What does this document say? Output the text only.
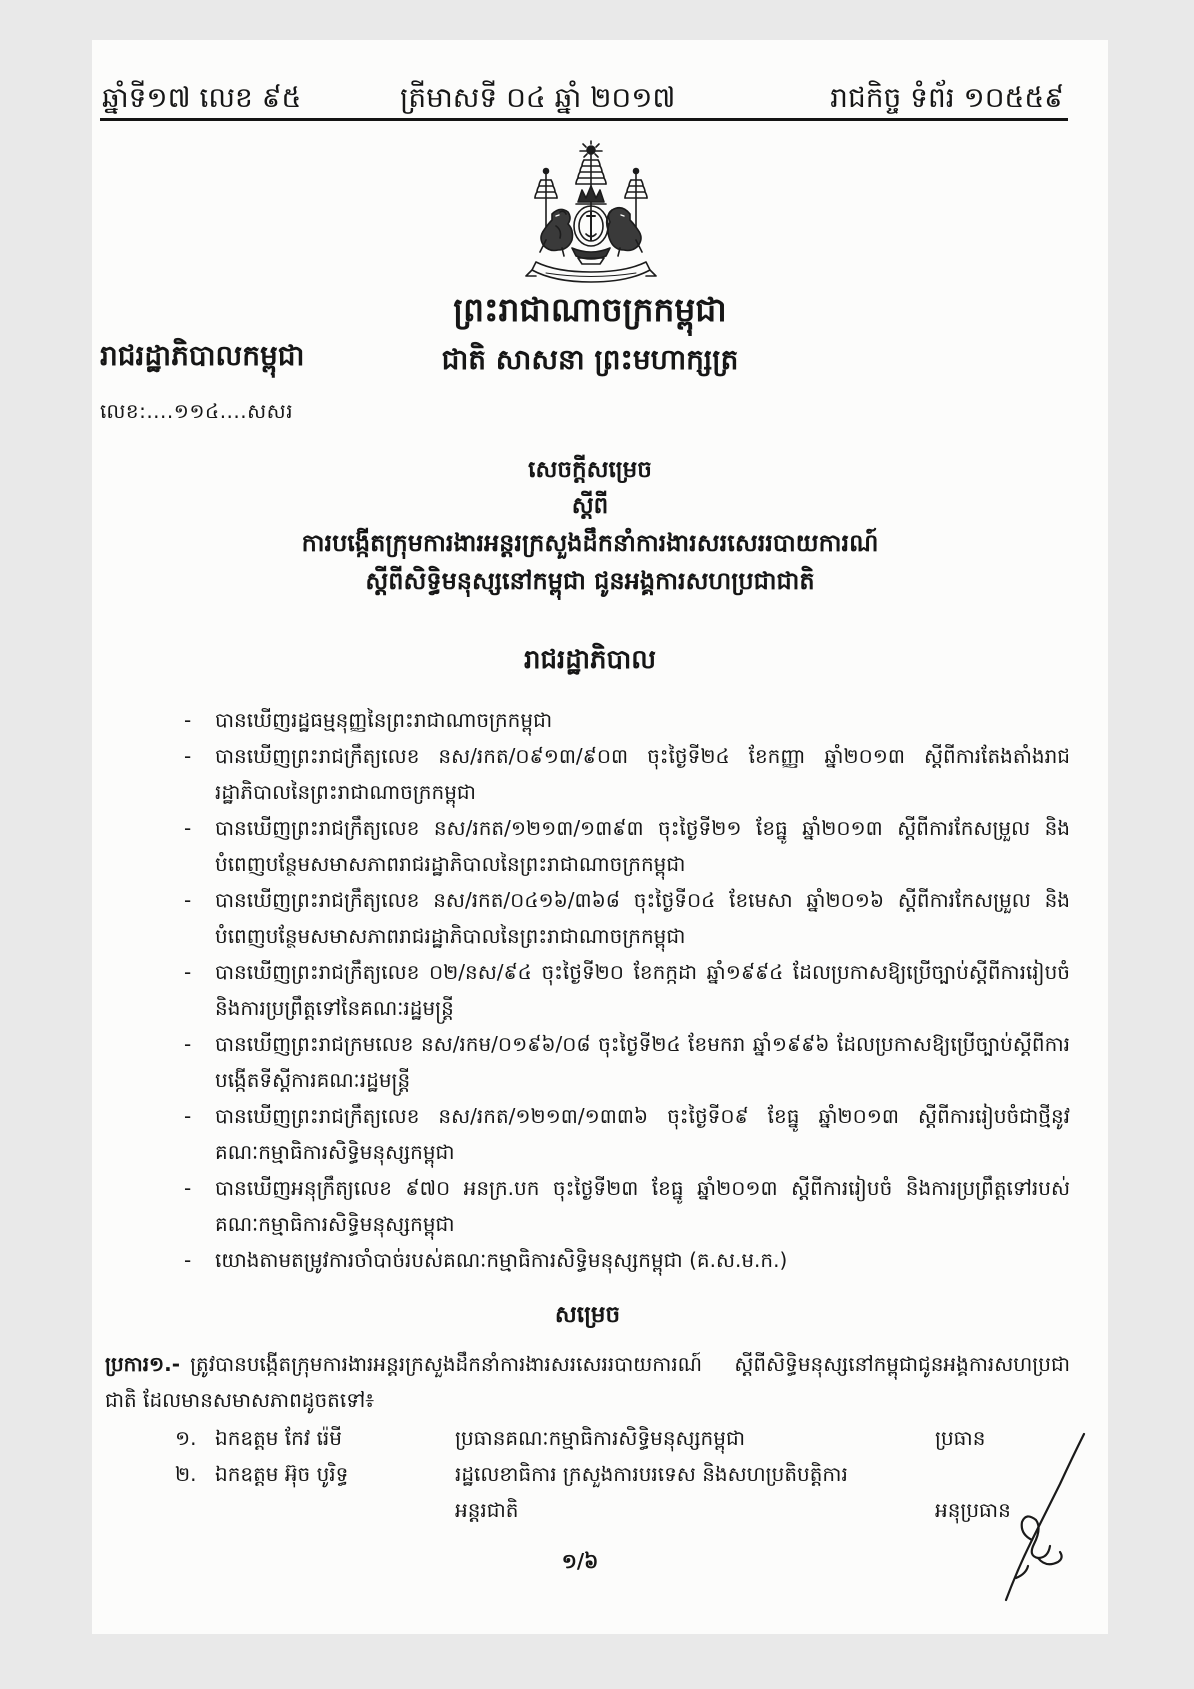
ឆ្នាំទី១៧ លេខ ៩៥	ត្រីមាសទី ០៤ ឆ្នាំ ២០១៧	រាជកិច្ច ទំព័រ ១០៥៥៩
ព្រះរាជាណាចក្រកម្ពុជា
រាជរដ្ឋាភិបាលកម្ពុជា	ជាតិ សាសនា ព្រះមហាក្សត្រ
លេខ:....១១៤....សសរ
សេចក្តីសម្រេច
ស្តីពី
ការបង្កើតក្រុមការងារអន្តរក្រសួងដឹកនាំការងារសរសេររបាយការណ៍
ស្តីពីសិទ្ធិមនុស្សនៅកម្ពុជា ជូនអង្គការសហប្រជាជាតិ
រាជរដ្ឋាភិបាល
- បានឃើញរដ្ឋធម្មនុញ្ញនៃព្រះរាជាណាចក្រកម្ពុជា
- បានឃើញព្រះរាជក្រឹត្យលេខ នស/រកត/០៩១៣/៩០៣ ចុះថ្ងៃទី២៤ ខែកញ្ញា ឆ្នាំ២០១៣ ស្តីពីការតែងតាំងរាជរដ្ឋាភិបាលនៃព្រះរាជាណាចក្រកម្ពុជា
- បានឃើញព្រះរាជក្រឹត្យលេខ នស/រកត/១២១៣/១៣៩៣ ចុះថ្ងៃទី២១ ខែធ្នូ ឆ្នាំ២០១៣ ស្តីពីការកែសម្រួល និងបំពេញបន្ថែមសមាសភាពរាជរដ្ឋាភិបាលនៃព្រះរាជាណាចក្រកម្ពុជា
- បានឃើញព្រះរាជក្រឹត្យលេខ នស/រកត/០៤១៦/៣៦៨ ចុះថ្ងៃទី០៤ ខែមេសា ឆ្នាំ២០១៦ ស្តីពីការកែសម្រួល និងបំពេញបន្ថែមសមាសភាពរាជរដ្ឋាភិបាលនៃព្រះរាជាណាចក្រកម្ពុជា
- បានឃើញព្រះរាជក្រឹត្យលេខ ០២/នស/៩៤ ចុះថ្ងៃទី២០ ខែកក្កដា ឆ្នាំ១៩៩៤ ដែលប្រកាសឱ្យប្រើច្បាប់ស្តីពីការរៀបចំ និងការប្រព្រឹត្តទៅនៃគណៈរដ្ឋមន្ត្រី
- បានឃើញព្រះរាជក្រមលេខ នស/រកម/០១៩៦/០៨ ចុះថ្ងៃទី២៤ ខែមករា ឆ្នាំ១៩៩៦ ដែលប្រកាសឱ្យប្រើច្បាប់ស្តីពីការបង្កើតទីស្តីការគណៈរដ្ឋមន្ត្រី
- បានឃើញព្រះរាជក្រឹត្យលេខ នស/រកត/១២១៣/១៣៣៦ ចុះថ្ងៃទី០៩ ខែធ្នូ ឆ្នាំ២០១៣ ស្តីពីការរៀបចំជាថ្មីនូវគណៈកម្មាធិការសិទ្ធិមនុស្សកម្ពុជា
- បានឃើញអនុក្រឹត្យលេខ ៩៧០ អនក្រ.បក ចុះថ្ងៃទី២៣ ខែធ្នូ ឆ្នាំ២០១៣ ស្តីពីការរៀបចំ និងការប្រព្រឹត្តទៅរបស់គណៈកម្មាធិការសិទ្ធិមនុស្សកម្ពុជា
- យោងតាមតម្រូវការចាំបាច់របស់គណៈកម្មាធិការសិទ្ធិមនុស្សកម្ពុជា (គ.ស.ម.ក.)
សម្រេច
ប្រការ១.- ត្រូវបានបង្កើតក្រុមការងារអន្តរក្រសួងដឹកនាំការងារសរសេររបាយការណ៍ ស្តីពីសិទ្ធិមនុស្សនៅកម្ពុជាជូនអង្គការសហប្រជាជាតិ ដែលមានសមាសភាពដូចតទៅ៖
១. ឯកឧត្តម កែវ រ៉េមី	ប្រធានគណៈកម្មាធិការសិទ្ធិមនុស្សកម្ពុជា	ប្រធាន
២. ឯកឧត្តម អ៊ុច បូរិទ្ធ	រដ្ឋលេខាធិការ ក្រសួងការបរទេស និងសហប្រតិបត្តិការអន្តរជាតិ	អនុប្រធាន
១/៦
